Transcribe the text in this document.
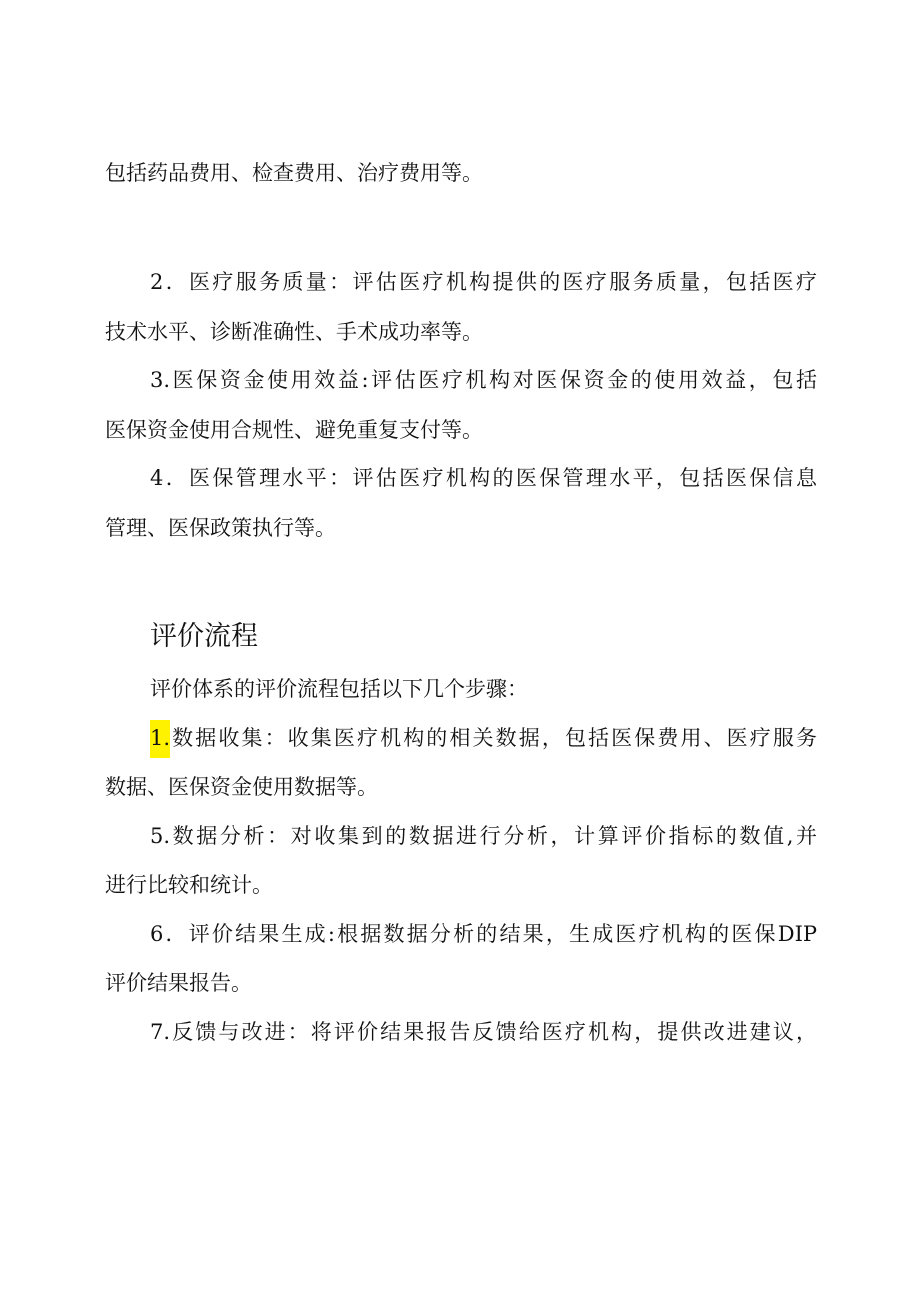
包括药品费用、检查费用、治疗费用等。
2．医疗服务质量：评估医疗机构提供的医疗服务质量，包括医疗
技术水平、诊断准确性、手术成功率等。
3.医保资金使用效益:评估医疗机构对医保资金的使用效益，包括
医保资金使用合规性、避免重复支付等。
4．医保管理水平：评估医疗机构的医保管理水平，包括医保信息
管理、医保政策执行等。
评价流程
评价体系的评价流程包括以下几个步骤：
1.数据收集：收集医疗机构的相关数据，包括医保费用、医疗服务
数据、医保资金使用数据等。
5.数据分析：对收集到的数据进行分析，计算评价指标的数值,并
进行比较和统计。
6．评价结果生成:根据数据分析的结果，生成医疗机构的医保DIP
评价结果报告。
7.反馈与改进：将评价结果报告反馈给医疗机构，提供改进建议，
